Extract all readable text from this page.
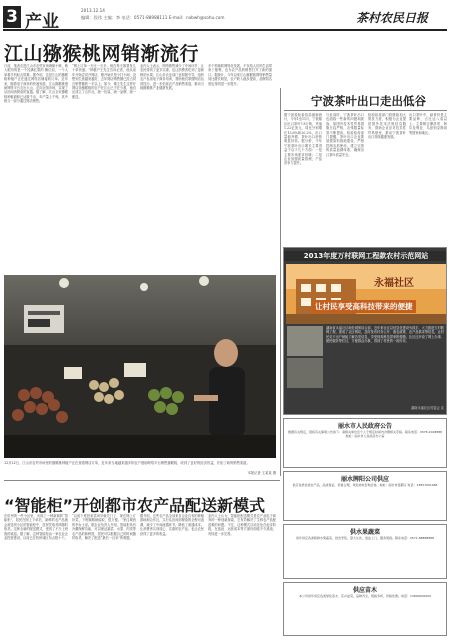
3 产业
2013.12.14
编辑：段玮 主编：李 电话：0571-88988111 E-mail：nxbwh@sohu.com	茶村农民日报
江山猕猴桃网销渐流行
日前，笔者走进江山市农贸市场调研小贩，映入眼帘的是一个挂满红果的 摊位前，一个人拿着手机轻点屏幕。据介绍，这是江山的猕猴桃种植户正在通过网络店铺接收订单。近年来，随着电子商务的快速发展，江山猕猴桃借助网络平台走出大山，走向全国市场，实现了从田间到餐桌的直通。据了解，江山全市猕猴桃种植面积已达数千亩，年产量上千吨，其中相当一部分通过网店销售。
“网上订单一天比一天多，现在每天都要发几十单快递。”种植户王先生告诉记者，他从前年开始尝试开网店，刚开始只是小打小闹，没想到生意越来越好，去年网店销售额已经占到总销售额的一半以上。如今，像王先生这样开网店卖猕猴桃的农户在江山已不在少数，他们还成立了合作社，统一包装、统一品牌、统一配送。
业内人士表示，网络销售减少了中间环节，让农民得到了更多实惠，也让消费者吃到了更新鲜的水果。江山市农业部门也积极引导，组织农户参加电子商务培训，帮助他们掌握网店运营技巧，进一步拓宽农产品销售渠道，推动当地猕猴桃产业健康发展。
多个领域的网络化发展，不仅给人们的生活带来了便利，也为农产品的销售打开了新的窗口。据统计，今年以来江山猕猴桃网络销售量同比增长明显，农户收入稳步提高，品牌知名度也得到进一步提升。
12月12日，江山市农贸市场里的猕猴桃种植户正在查看网店订单，近年来当地越来越多的农户借助网络平台销售猕猴桃，收到了良好的经济效益，开拓了新的销售渠道。
本报记者 王某某 摄
宁波茶叶出口走出低谷
据宁波检验检疫局最新统计，今年1至11月，宁波辖区出口茶叶7.8万吨，货值1.22亿美元，同比分别增长13.6%和20.2%，出口量值齐增，茶叶出口形势明显好转。据分析，今年宁波茶叶出口增长主要得益于以下几个方面：一是主要市场需求回暖；二是企业加强质量管理，产品竞争力提升。
与此同时，宁波茶叶出口也面临一些新的问题和挑战，如国外技术性贸易措施日趋严格，农残限量标准不断提高。检验检疫部门提醒，茶叶出口企业要加强原料基地建设，严格控制农药使用，建立完善的质量追溯体系，确保出口茶叶质量安全。
检验检疫部门将继续加大帮扶力度，积极为企业提供国外技术法规信息服务，帮助企业应对技术性贸易壁垒，推动宁波茶叶出口持续健康发展。
出口茶叶中，绿茶仍是主要品种，占比达八成以上。主要销往摩洛哥、阿尔及利亚、乌兹别克斯坦等国家和地区。
2013年度万村联网工程款农村示范网站
永福社区
让村民享受高科技带来的便捷
湖南省永福社区地处城郊结合部，近年来社区以信息化建设为抓手，大力推进万村联网工程，建成了社区网站，及时发布村务公开、惠农政策、农产品供求等信息，让村民足不出户就能了解各类信息，享受到高科技带来的便捷。社区还开设了网上办事、便民服务等栏目，方便群众办事，得到了村民的一致好评。
湖南永福社区村委会 宣
“智能柜”开创都市农产品配送新模式
在杭州的一些小区里，出现了一种新颖的“智能柜”，居民在网上下单后，新鲜的农产品就会被送到小区的智能柜中，居民凭取货码随时取货。这种全新的配送模式，受到了不少上班族的欢迎。据了解，这种智能柜由一家农业企业投资建设，目前已在杭州城区布点数十个。
“以前下班回来菜场早就关门了，现在网上订好菜，下班顺路就能取，很方便。”家住城西的李女士说。据企业负责人介绍，智能柜具有冷藏保鲜功能，可以保证蔬菜、水果、肉类等农产品的新鲜度，居民可以根据自己的时间随时取货，解决了配送“最后一百米”的难题。
据介绍，这些农产品全部来自企业自有的种植基地和合作社，实行从田间到餐桌的全程可追溯，减少了中间流通环节，降低了流通成本，让消费者买到放心、实惠的农产品，也让农民获得了更多的收益。
业内人士认为，智能柜配送模式是农产品电子商务的一种创新探索，它有效解决了生鲜农产品配送难的问题。不过，这种模式目前还处在起步阶段，在选址、运营成本等方面仍面临不少挑战，有待进一步完善。
丽水市人民政府公告
根据有关规定，现将有关事项公告如下：请相关单位及个人于规定时间内办理相关手续。联系电话：0578-2018888 地址：丽水市人民政府办公室
丽水牌阳公司供应
供应各类优质农产品，品质保证，价格合理，欢迎来电咨询洽谈。地址：丽水市莲都区 电话：13857001066
供水果蔬菜
常年供应各类新鲜水果蔬菜，批发零售，量大从优，送货上门，服务周到。联系电话：0571-88888888
供应苗木
本公司常年供应各类绿化苗木、花卉盆景，品种齐全，规格多样，价格优惠。电话：13800000000
